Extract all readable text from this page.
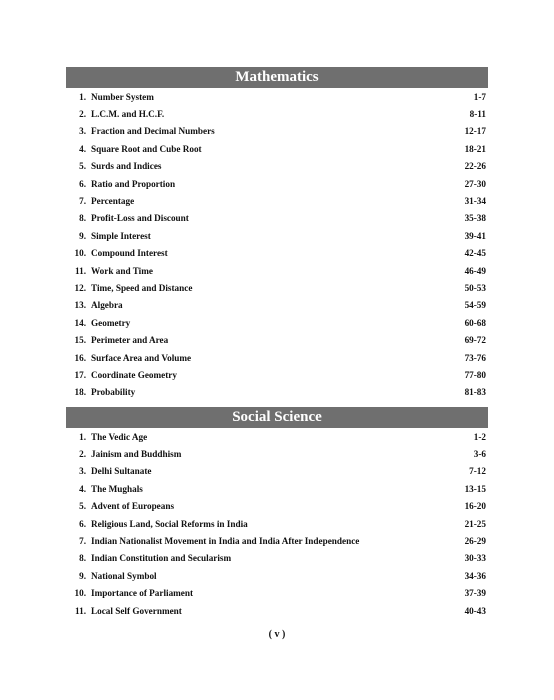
Mathematics
1. Number System	1-7
2. L.C.M. and H.C.F.	8-11
3. Fraction and Decimal Numbers	12-17
4. Square Root and Cube Root	18-21
5. Surds and Indices	22-26
6. Ratio and Proportion	27-30
7. Percentage	31-34
8. Profit-Loss and Discount	35-38
9. Simple Interest	39-41
10. Compound Interest	42-45
11. Work and Time	46-49
12. Time, Speed and Distance	50-53
13. Algebra	54-59
14. Geometry	60-68
15. Perimeter and Area	69-72
16. Surface Area and Volume	73-76
17. Coordinate Geometry	77-80
18. Probability	81-83
Social Science
1. The Vedic Age	1-2
2. Jainism and Buddhism	3-6
3. Delhi Sultanate	7-12
4. The Mughals	13-15
5. Advent of Europeans	16-20
6. Religious Land, Social Reforms in India	21-25
7. Indian Nationalist Movement in India and India After Independence	26-29
8. Indian Constitution and Secularism	30-33
9. National Symbol	34-36
10. Importance of Parliament	37-39
11. Local Self Government	40-43
( v )
